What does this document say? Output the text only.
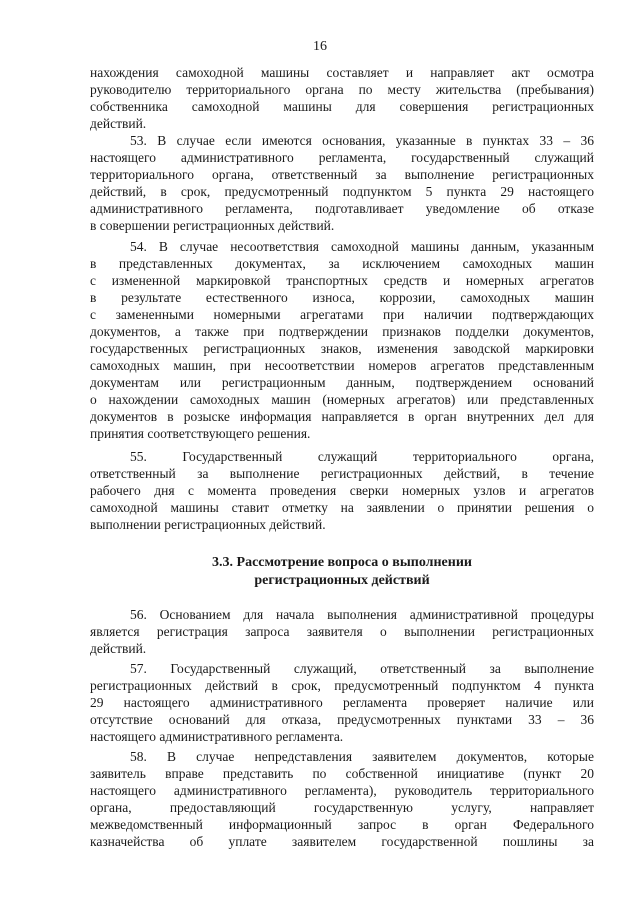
16
нахождения самоходной машины составляет и направляет акт осмотра
руководителю территориального органа по месту жительства (пребывания)
собственника самоходной машины для совершения регистрационных
действий.
53. В случае если имеются основания, указанные в пунктах 33 – 36
настоящего административного регламента, государственный служащий
территориального органа, ответственный за выполнение регистрационных
действий, в срок, предусмотренный подпунктом 5 пункта 29 настоящего
административного регламента, подготавливает уведомление об отказе
в совершении регистрационных действий.
54. В случае несоответствия самоходной машины данным, указанным
в представленных документах, за исключением самоходных машин
с измененной маркировкой транспортных средств и номерных агрегатов
в результате естественного износа, коррозии, самоходных машин
с замененными номерными агрегатами при наличии подтверждающих
документов, а также при подтверждении признаков подделки документов,
государственных регистрационных знаков, изменения заводской маркировки
самоходных машин, при несоответствии номеров агрегатов представленным
документам или регистрационным данным, подтверждением оснований
о нахождении самоходных машин (номерных агрегатов) или представленных
документов в розыске информация направляется в орган внутренних дел для
принятия соответствующего решения.
55. Государственный служащий территориального органа,
ответственный за выполнение регистрационных действий, в течение
рабочего дня с момента проведения сверки номерных узлов и агрегатов
самоходной машины ставит отметку на заявлении о принятии решения о
выполнении регистрационных действий.
3.3. Рассмотрение вопроса о выполнении
регистрационных действий
56. Основанием для начала выполнения административной процедуры
является регистрация запроса заявителя о выполнении регистрационных
действий.
57. Государственный служащий, ответственный за выполнение
регистрационных действий в срок, предусмотренный подпунктом 4 пункта
29 настоящего административного регламента проверяет наличие или
отсутствие оснований для отказа, предусмотренных пунктами 33 – 36
настоящего административного регламента.
58. В случае непредставления заявителем документов, которые
заявитель вправе представить по собственной инициативе (пункт 20
настоящего административного регламента), руководитель территориального
органа, предоставляющий государственную услугу, направляет
межведомственный информационный запрос в орган Федерального
казначейства об уплате заявителем государственной пошлины за
